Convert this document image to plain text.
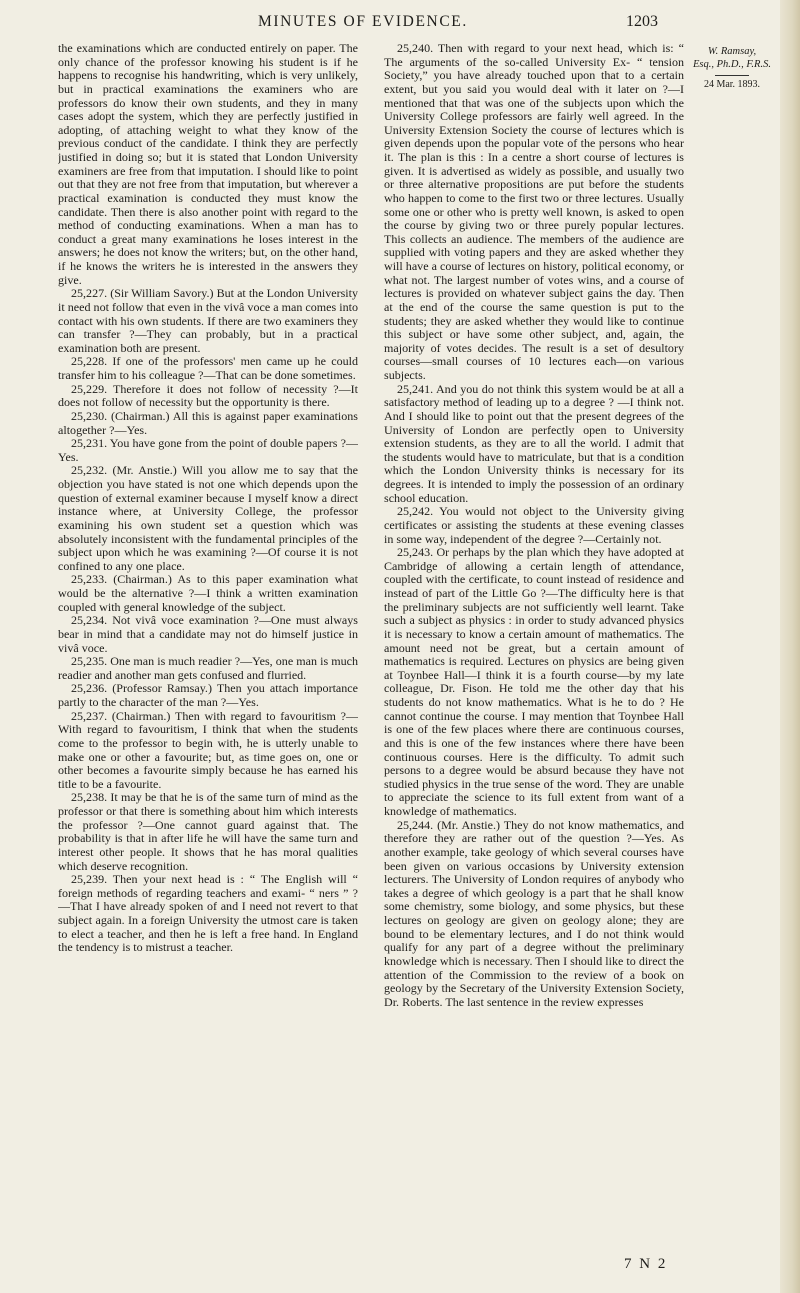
MINUTES OF EVIDENCE.	1203

the examinations which are conducted entirely on paper. The only chance of the professor knowing his student is if he happens to recognise his handwriting, which is very unlikely, but in practical examinations the examiners who are professors do know their own students, and they in many cases adopt the system, which they are perfectly justified in adopting, of attaching weight to what they know of the previous conduct of the candidate. I think they are perfectly justified in doing so; but it is stated that London University examiners are free from that imputation. I should like to point out that they are not free from that imputation, but wherever a practical examination is conducted they must know the candidate. Then there is also another point with regard to the method of conducting examinations. When a man has to conduct a great many examinations he loses interest in the answers; he does not know the writers; but, on the other hand, if he knows the writers he is interested in the answers they give.

25,227. (Sir William Savory.) But at the London University it need not follow that even in the vivâ voce a man comes into contact with his own students. If there are two examiners they can transfer ?—They can probably, but in a practical examination both are present.

25,228. If one of the professors' men came up he could transfer him to his colleague ?—That can be done sometimes.

25,229. Therefore it does not follow of necessity ?—It does not follow of necessity but the opportunity is there.

25,230. (Chairman.) All this is against paper examinations altogether ?—Yes.

25,231. You have gone from the point of double papers ?—Yes.

25,232. (Mr. Anstie.) Will you allow me to say that the objection you have stated is not one which depends upon the question of external examiner because I myself know a direct instance where, at University College, the professor examining his own student set a question which was absolutely inconsistent with the fundamental principles of the subject upon which he was examining ?—Of course it is not confined to any one place.

25,233. (Chairman.) As to this paper examination what would be the alternative ?—I think a written examination coupled with general knowledge of the subject.

25,234. Not vivâ voce examination ?—One must always bear in mind that a candidate may not do himself justice in vivâ voce.

25,235. One man is much readier ?—Yes, one man is much readier and another man gets confused and flurried.

25,236. (Professor Ramsay.) Then you attach importance partly to the character of the man ?—Yes.

25,237. (Chairman.) Then with regard to favouritism ?— With regard to favouritism, I think that when the students come to the professor to begin with, he is utterly unable to make one or other a favourite; but, as time goes on, one or other becomes a favourite simply because he has earned his title to be a favourite.

25,238. It may be that he is of the same turn of mind as the professor or that there is something about him which interests the professor ?—One cannot guard against that. The probability is that in after life he will have the same turn and interest other people. It shows that he has moral qualities which deserve recognition.

25,239. Then your next head is : “ The English will “ foreign methods of regarding teachers and exami- “ ners ” ?—That I have already spoken of and I need not revert to that subject again. In a foreign University the utmost care is taken to elect a teacher, and then he is left a free hand. In England the tendency is to mistrust a teacher.

25,240. Then with regard to your next head, which is: “ The arguments of the so-called University Ex- “ tension Society,” you have already touched upon that to a certain extent, but you said you would deal with it later on ?—I mentioned that that was one of the subjects upon which the University College professors are fairly well agreed. In the University Extension Society the course of lectures which is given depends upon the popular vote of the persons who hear it. The plan is this : In a centre a short course of lectures is given. It is advertised as widely as possible, and usually two or three alternative propositions are put before the students who happen to come to the first two or three lectures. Usually some one or other who is pretty well known, is asked to open the course by giving two or three purely popular lectures. This collects an audience. The members of the audience are supplied with voting papers and they are asked whether they will have a course of lectures on history, political economy, or what not. The largest number of votes wins, and a course of lectures is provided on whatever subject gains the day. Then at the end of the course the same question is put to the students; they are asked whether they would like to continue this subject or have some other subject, and, again, the majority of votes decides. The result is a set of desultory courses—small courses of 10 lectures each—on various subjects.

25,241. And you do not think this system would be at all a satisfactory method of leading up to a degree ? —I think not. And I should like to point out that the present degrees of the University of London are perfectly open to University extension students, as they are to all the world. I admit that the students would have to matriculate, but that is a condition which the London University thinks is necessary for its degrees. It is intended to imply the possession of an ordinary school education.

25,242. You would not object to the University giving certificates or assisting the students at these evening classes in some way, independent of the degree ?—Certainly not.

25,243. Or perhaps by the plan which they have adopted at Cambridge of allowing a certain length of attendance, coupled with the certificate, to count instead of residence and instead of part of the Little Go ?—The difficulty here is that the preliminary subjects are not sufficiently well learnt. Take such a subject as physics : in order to study advanced physics it is necessary to know a certain amount of mathematics. The amount need not be great, but a certain amount of mathematics is required. Lectures on physics are being given at Toynbee Hall—I think it is a fourth course—by my late colleague, Dr. Fison. He told me the other day that his students do not know mathematics. What is he to do ? He cannot continue the course. I may mention that Toynbee Hall is one of the few places where there are continuous courses, and this is one of the few instances where there have been continuous courses. Here is the difficulty. To admit such persons to a degree would be absurd because they have not studied physics in the true sense of the word. They are unable to appreciate the science to its full extent from want of a knowledge of mathematics.

25,244. (Mr. Anstie.) They do not know mathematics, and therefore they are rather out of the question ?—Yes. As another example, take geology of which several courses have been given on various occasions by University extension lecturers. The University of London requires of anybody who takes a degree of which geology is a part that he shall know some chemistry, some biology, and some physics, but these lectures on geology are given on geology alone; they are bound to be elementary lectures, and I do not think would qualify for any part of a degree without the preliminary knowledge which is necessary. Then I should like to direct the attention of the Commission to the review of a book on geology by the Secretary of the University Extension Society, Dr. Roberts. The last sentence in the review expresses

W. Ramsay,
Esq., Ph.D., F.R.S.
24 Mar. 1893.
7 N 2
